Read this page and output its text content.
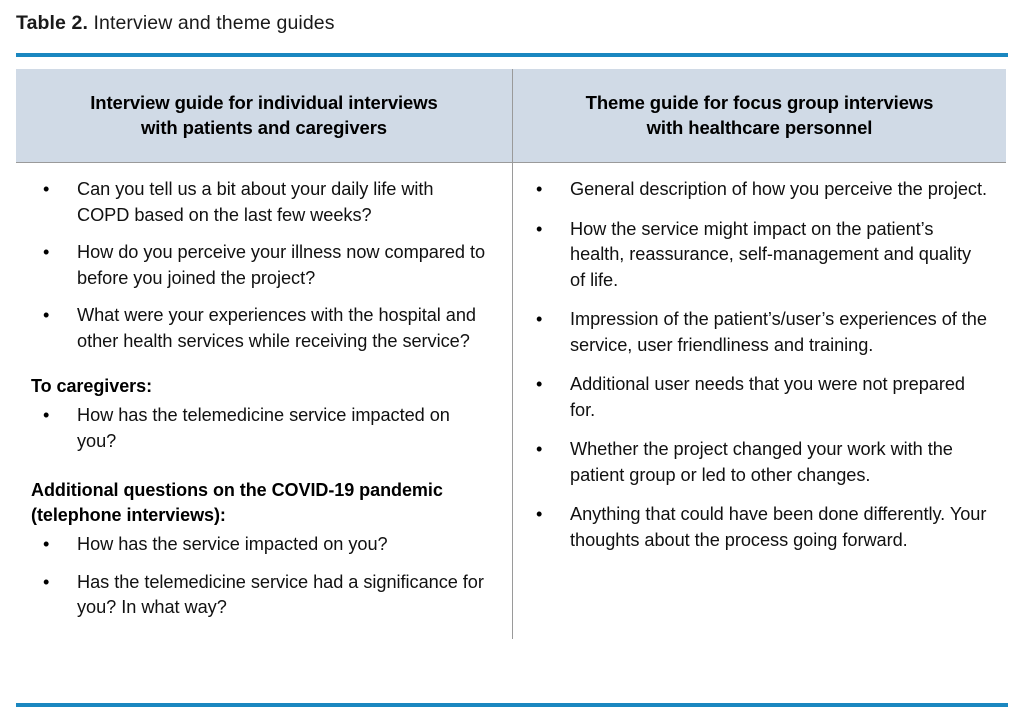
Table 2. Interview and theme guides
Interview guide for individual interviews
with patients and caregivers
Theme guide for focus group interviews
with healthcare personnel
• Can you tell us a bit about your daily life with COPD based on the last few weeks?
• How do you perceive your illness now compared to before you joined the project?
• What were your experiences with the hospital and other health services while receiving the service?
To caregivers:
• How has the telemedicine service impacted on you?
Additional questions on the COVID-19 pandemic (telephone interviews):
• How has the service impacted on you?
• Has the telemedicine service had a significance for you? In what way?
• General description of how you perceive the project.
• How the service might impact on the patient’s health, reassurance, self-management and quality of life.
• Impression of the patient’s/user’s experiences of the service, user friendliness and training.
• Additional user needs that you were not prepared for.
• Whether the project changed your work with the patient group or led to other changes.
• Anything that could have been done differently. Your thoughts about the process going forward.
